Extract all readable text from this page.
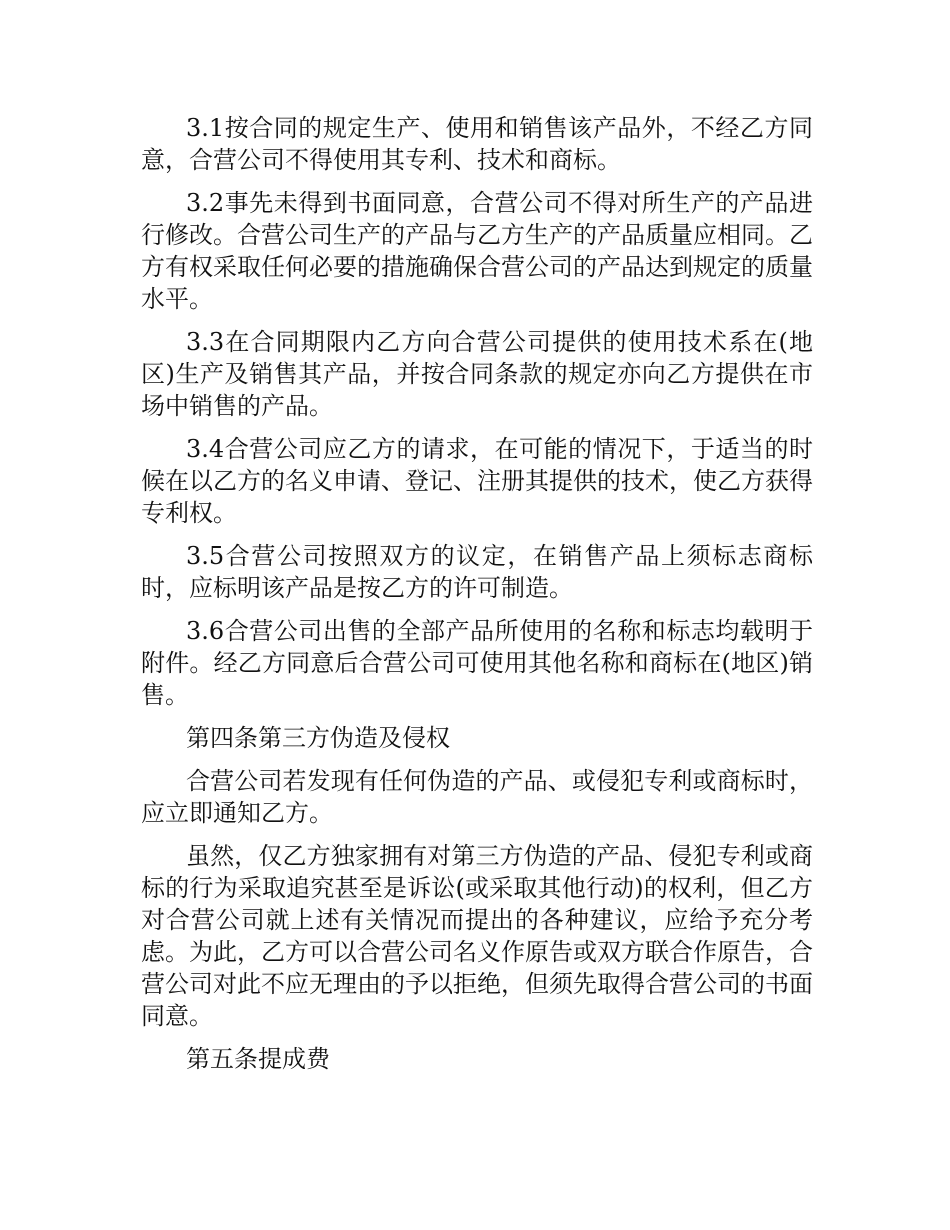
3.1按合同的规定生产、使用和销售该产品外，不经乙方同意，合营公司不得使用其专利、技术和商标。

3.2事先未得到书面同意，合营公司不得对所生产的产品进行修改。合营公司生产的产品与乙方生产的产品质量应相同。乙方有权采取任何必要的措施确保合营公司的产品达到规定的质量水平。

3.3在合同期限内乙方向合营公司提供的使用技术系在(地区)生产及销售其产品，并按合同条款的规定亦向乙方提供在市场中销售的产品。

3.4合营公司应乙方的请求，在可能的情况下，于适当的时候在以乙方的名义申请、登记、注册其提供的技术，使乙方获得专利权。

3.5合营公司按照双方的议定，在销售产品上须标志商标时，应标明该产品是按乙方的许可制造。

3.6合营公司出售的全部产品所使用的名称和标志均载明于附件。经乙方同意后合营公司可使用其他名称和商标在(地区)销售。

第四条第三方伪造及侵权

合营公司若发现有任何伪造的产品、或侵犯专利或商标时，应立即通知乙方。

虽然，仅乙方独家拥有对第三方伪造的产品、侵犯专利或商标的行为采取追究甚至是诉讼(或采取其他行动)的权利，但乙方对合营公司就上述有关情况而提出的各种建议，应给予充分考虑。为此，乙方可以合营公司名义作原告或双方联合作原告，合营公司对此不应无理由的予以拒绝，但须先取得合营公司的书面同意。

第五条提成费
